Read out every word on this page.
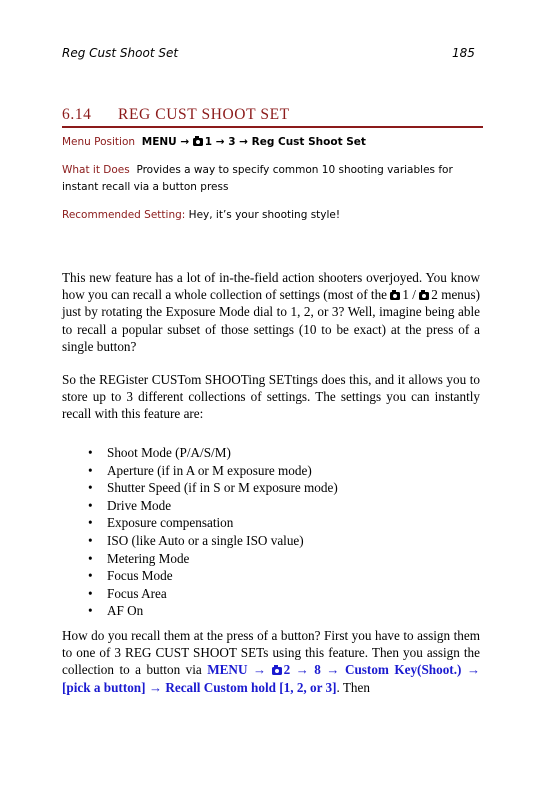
Reg Cust Shoot Set	185
6.14 REG CUST SHOOT SET
Menu Position MENU → 1 → 3 → Reg Cust Shoot Set
What it Does Provides a way to specify common 10 shooting variables for instant recall via a button press
Recommended Setting: Hey, it’s your shooting style!
This new feature has a lot of in-the-field action shooters overjoyed. You know how you can recall a whole collection of settings (most of the 1 / 2 menus) just by rotating the Exposure Mode dial to 1, 2, or 3? Well, imagine being able to recall a popular subset of those settings (10 to be exact) at the press of a single button?
So the REGister CUSTom SHOOTing SETtings does this, and it allows you to store up to 3 different collections of settings. The settings you can instantly recall with this feature are:
• Shoot Mode (P/A/S/M)
• Aperture (if in A or M exposure mode)
• Shutter Speed (if in S or M exposure mode)
• Drive Mode
• Exposure compensation
• ISO (like Auto or a single ISO value)
• Metering Mode
• Focus Mode
• Focus Area
• AF On
How do you recall them at the press of a button? First you have to assign them to one of 3 REG CUST SHOOT SETs using this feature. Then you assign the collection to a button via MENU → 2 → 8 → Custom Key(Shoot.) → [pick a button] → Recall Custom hold [1, 2, or 3]. Then
